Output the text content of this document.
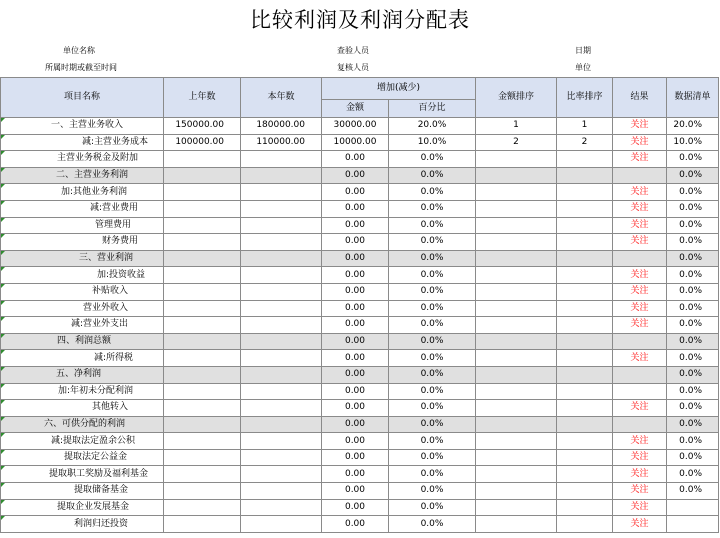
比较利润及利润分配表
单位名称
所属时期或截至时间
查验人员
复核人员
日期
单位
项目名称	上年数	本年数	增加(减少)		金额排序	比率排序	结果	数据清单
			金额	百分比				

一、主营业务收入	150000.00	180000.00	30000.00	20.0%	1	1	关注	20.0%

减:主营业务成本	100000.00	110000.00	10000.00	10.0%	2	2	关注	10.0%

主营业务税金及附加			0.00	0.0%			关注	0.0%

二、主营业务利润			0.00	0.0%				0.0%

加:其他业务利润			0.00	0.0%			关注	0.0%

减:营业费用			0.00	0.0%			关注	0.0%

管理费用			0.00	0.0%			关注	0.0%

财务费用			0.00	0.0%			关注	0.0%

三、营业利润			0.00	0.0%				0.0%

加:投资收益			0.00	0.0%			关注	0.0%

补贴收入			0.00	0.0%			关注	0.0%

营业外收入			0.00	0.0%			关注	0.0%

减:营业外支出			0.00	0.0%			关注	0.0%

四、利润总额			0.00	0.0%				0.0%

减:所得税			0.00	0.0%			关注	0.0%

五、净利润			0.00	0.0%				0.0%

加:年初未分配利润			0.00	0.0%				0.0%

其他转入			0.00	0.0%			关注	0.0%

六、可供分配的利润			0.00	0.0%				0.0%

减:提取法定盈余公积			0.00	0.0%			关注	0.0%

提取法定公益金			0.00	0.0%			关注	0.0%

提取职工奖励及福利基金			0.00	0.0%			关注	0.0%

提取储备基金			0.00	0.0%			关注	0.0%

提取企业发展基金			0.00	0.0%			关注	

利润归还投资			0.00	0.0%			关注	
